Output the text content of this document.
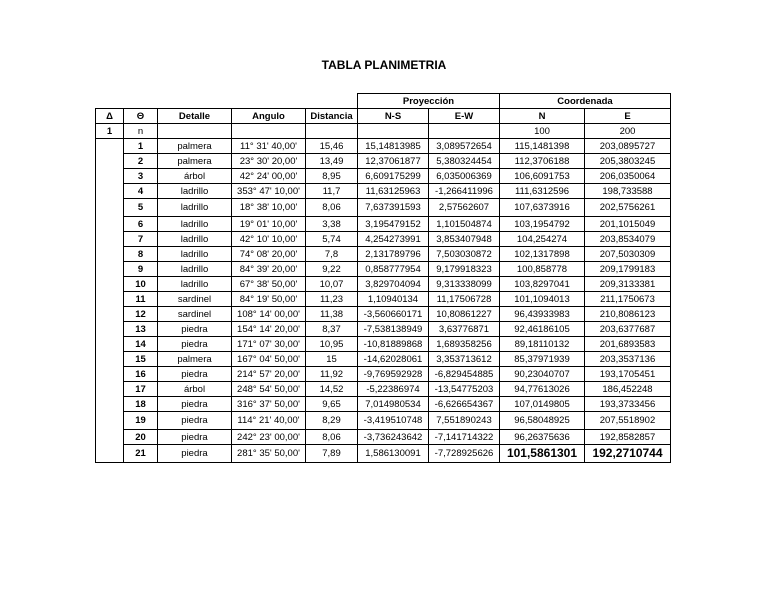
TABLA PLANIMETRIA
					Proyección		Coordenada	
Δ	Θ	Detalle	Angulo	Distancia	N-S	E-W	N	E
1	n						100	200
	1	palmera	11° 31' 40,00'	15,46	15,14813985	3,089572654	115,1481398	203,0895727
	2	palmera	23° 30' 20,00'	13,49	12,37061877	5,380324454	112,3706188	205,3803245
	3	árbol	42° 24' 00,00'	8,95	6,609175299	6,035006369	106,6091753	206,0350064
	4	ladrillo	353° 47' 10,00'	11,7	11,63125963	-1,266411996	111,6312596	198,733588
	5	ladrillo	18° 38' 10,00'	8,06	7,637391593	2,57562607	107,6373916	202,5756261
	6	ladrillo	19° 01' 10,00'	3,38	3,195479152	1,101504874	103,1954792	201,1015049
	7	ladrillo	42° 10' 10,00'	5,74	4,254273991	3,853407948	104,254274	203,8534079
	8	ladrillo	74° 08' 20,00'	7,8	2,131789796	7,503030872	102,1317898	207,5030309
	9	ladrillo	84° 39' 20,00'	9,22	0,858777954	9,179918323	100,858778	209,1799183
	10	ladrillo	67° 38' 50,00'	10,07	3,829704094	9,313338099	103,8297041	209,3133381
	11	sardinel	84° 19' 50,00'	11,23	1,10940134	11,17506728	101,1094013	211,1750673
	12	sardinel	108° 14' 00,00'	11,38	-3,560660171	10,80861227	96,43933983	210,8086123
	13	piedra	154° 14' 20,00'	8,37	-7,538138949	3,63776871	92,46186105	203,6377687
	14	piedra	171° 07' 30,00'	10,95	-10,81889868	1,689358256	89,18110132	201,6893583
	15	palmera	167° 04' 50,00'	15	-14,62028061	3,353713612	85,37971939	203,3537136
	16	piedra	214° 57' 20,00'	11,92	-9,769592928	-6,829454885	90,23040707	193,1705451
	17	árbol	248° 54' 50,00'	14,52	-5,22386974	-13,54775203	94,77613026	186,452248
	18	piedra	316° 37' 50,00'	9,65	7,014980534	-6,626654367	107,0149805	193,3733456
	19	piedra	114° 21' 40,00'	8,29	-3,419510748	7,551890243	96,58048925	207,5518902
	20	piedra	242° 23' 00,00'	8,06	-3,736243642	-7,141714322	96,26375636	192,8582857
	21	piedra	281° 35' 50,00'	7,89	1,586130091	-7,728925626	101,5861301	192,2710744
